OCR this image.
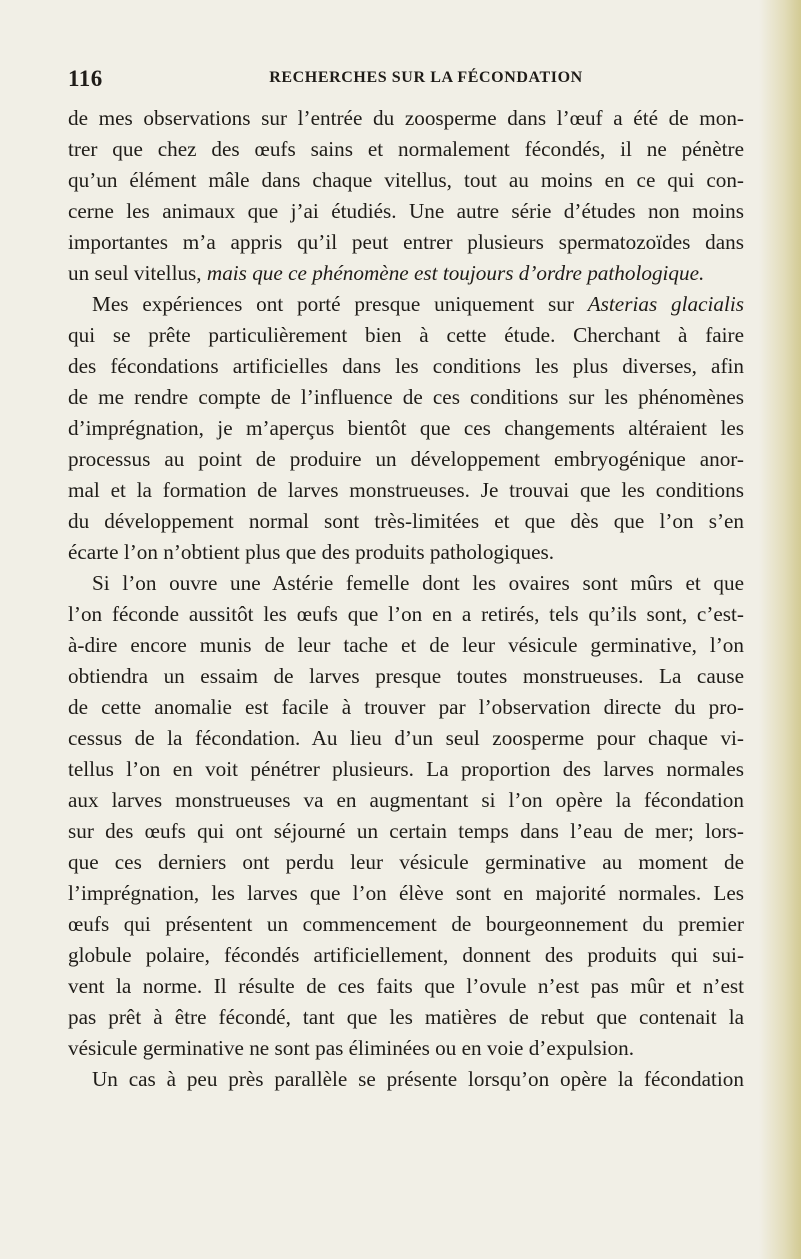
116	RECHERCHES SUR LA FÉCONDATION
de mes observations sur l’entrée du zoosperme dans l’œuf a été de mon-
trer que chez des œufs sains et normalement fécondés, il ne pénètre
qu’un élément mâle dans chaque vitellus, tout au moins en ce qui con-
cerne les animaux que j’ai étudiés. Une autre série d’études non moins
importantes m’a appris qu’il peut entrer plusieurs spermatozoïdes dans
un seul vitellus, mais que ce phénomène est toujours d’ordre pathologique.
Mes expériences ont porté presque uniquement sur Asterias glacialis
qui se prête particulièrement bien à cette étude. Cherchant à faire
des fécondations artificielles dans les conditions les plus diverses, afin
de me rendre compte de l’influence de ces conditions sur les phénomènes
d’imprégnation, je m’aperçus bientôt que ces changements altéraient les
processus au point de produire un développement embryogénique anor-
mal et la formation de larves monstrueuses. Je trouvai que les conditions
du développement normal sont très-limitées et que dès que l’on s’en
écarte l’on n’obtient plus que des produits pathologiques.
Si l’on ouvre une Astérie femelle dont les ovaires sont mûrs et que
l’on féconde aussitôt les œufs que l’on en a retirés, tels qu’ils sont, c’est-
à-dire encore munis de leur tache et de leur vésicule germinative, l’on
obtiendra un essaim de larves presque toutes monstrueuses. La cause
de cette anomalie est facile à trouver par l’observation directe du pro-
cessus de la fécondation. Au lieu d’un seul zoosperme pour chaque vi-
tellus l’on en voit pénétrer plusieurs. La proportion des larves normales
aux larves monstrueuses va en augmentant si l’on opère la fécondation
sur des œufs qui ont séjourné un certain temps dans l’eau de mer; lors-
que ces derniers ont perdu leur vésicule germinative au moment de
l’imprégnation, les larves que l’on élève sont en majorité normales. Les
œufs qui présentent un commencement de bourgeonnement du premier
globule polaire, fécondés artificiellement, donnent des produits qui sui-
vent la norme. Il résulte de ces faits que l’ovule n’est pas mûr et n’est
pas prêt à être fécondé, tant que les matières de rebut que contenait la
vésicule germinative ne sont pas éliminées ou en voie d’expulsion.
Un cas à peu près parallèle se présente lorsqu’on opère la fécondation
